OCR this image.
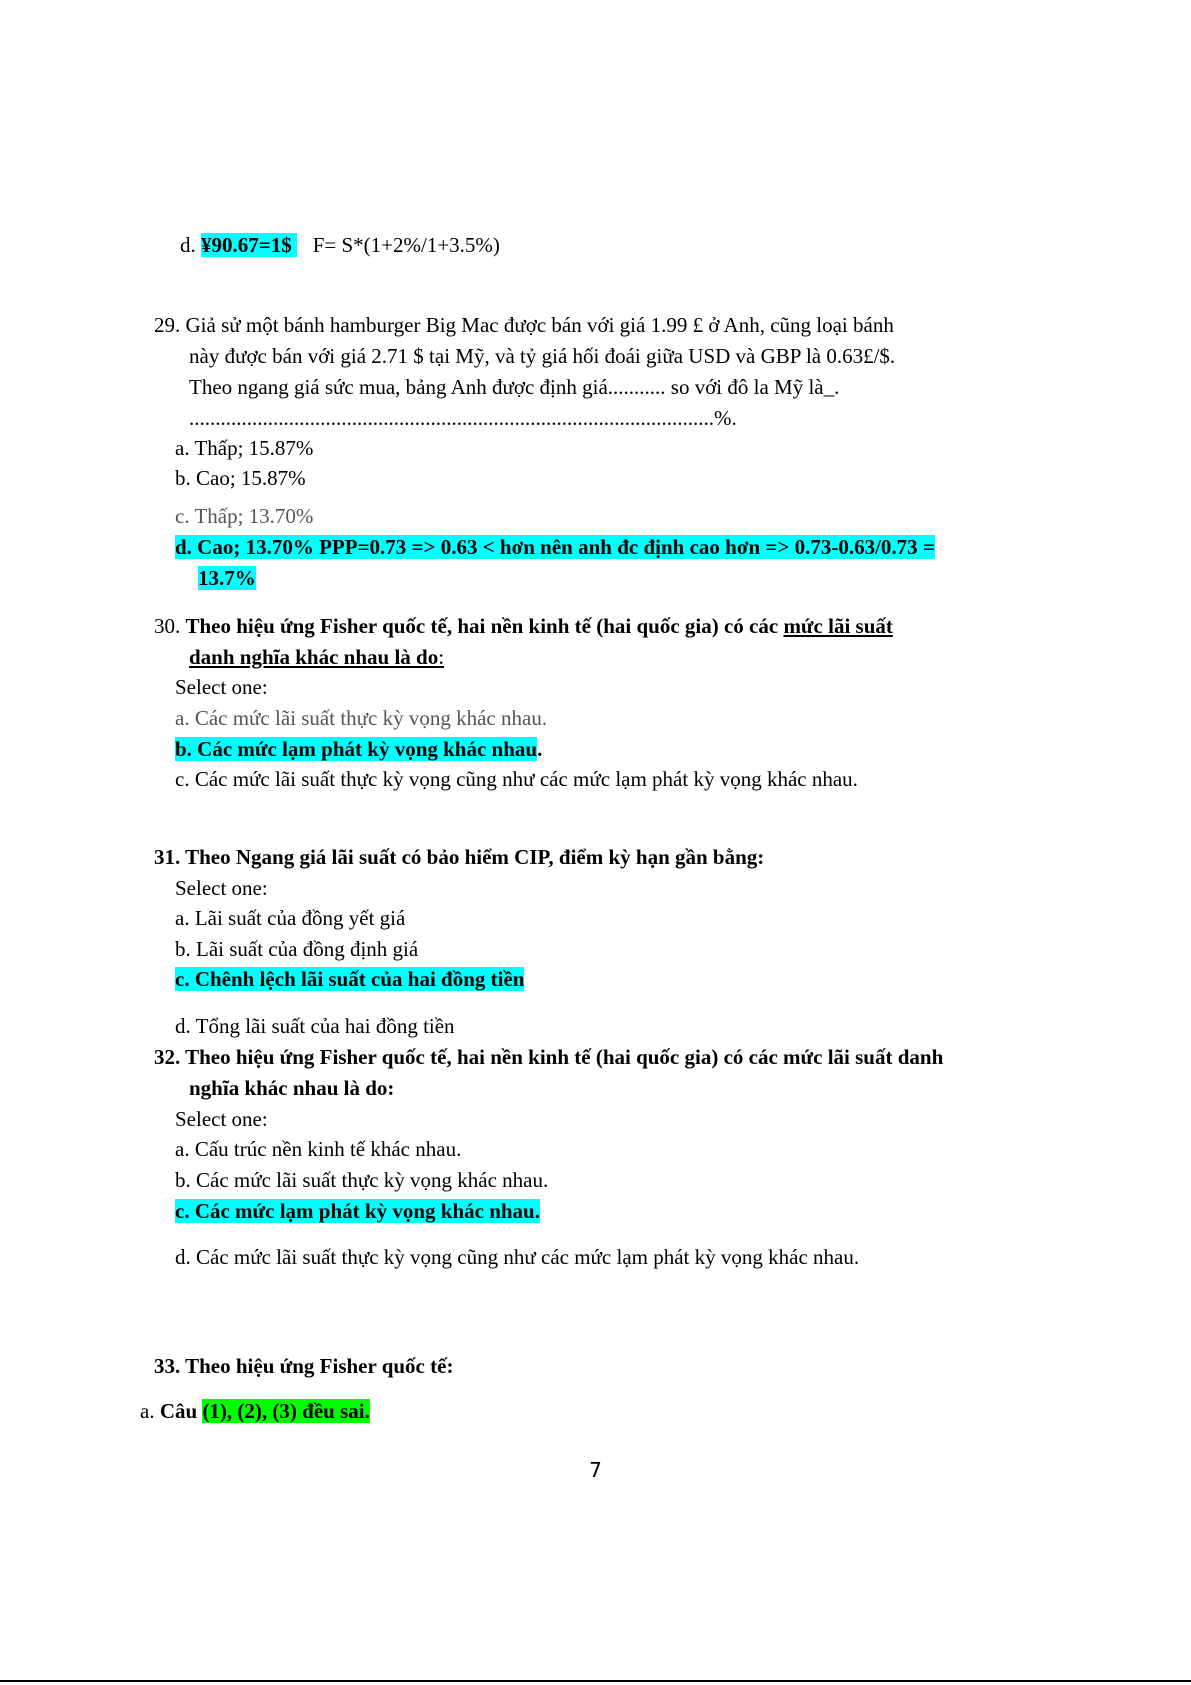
d. ¥90.67=1$    F= S*(1+2%/1+3.5%)
29. Giả sử một bánh hamburger Big Mac được bán với giá 1.99 £ ở Anh, cũng loại bánh
này được bán với giá 2.71 $ tại Mỹ, và tỷ giá hối đoái giữa USD và GBP là 0.63£/$.
Theo ngang giá sức mua, bảng Anh được định giá........... so với đô la Mỹ là_.
....................................................................................................%.
a. Thấp; 15.87%
b. Cao; 15.87%
c. Thấp; 13.70%
d. Cao; 13.70% PPP=0.73 => 0.63 < hơn nên anh đc định cao hơn => 0.73-0.63/0.73 =
13.7%
30. Theo hiệu ứng Fisher quốc tế, hai nền kinh tế (hai quốc gia) có các mức lãi suất
danh nghĩa khác nhau là do:
Select one:
a. Các mức lãi suất thực kỳ vọng khác nhau.
b. Các mức lạm phát kỳ vọng khác nhau.
c. Các mức lãi suất thực kỳ vọng cũng như các mức lạm phát kỳ vọng khác nhau.
31. Theo Ngang giá lãi suất có bảo hiểm CIP, điểm kỳ hạn gần bằng:
Select one:
a. Lãi suất của đồng yết giá
b. Lãi suất của đồng định giá
c. Chênh lệch lãi suất của hai đồng tiền
d. Tổng lãi suất của hai đồng tiền
32. Theo hiệu ứng Fisher quốc tế, hai nền kinh tế (hai quốc gia) có các mức lãi suất danh
nghĩa khác nhau là do:
Select one:
a. Cấu trúc nền kinh tế khác nhau.
b. Các mức lãi suất thực kỳ vọng khác nhau.
c. Các mức lạm phát kỳ vọng khác nhau.
d. Các mức lãi suất thực kỳ vọng cũng như các mức lạm phát kỳ vọng khác nhau.
33. Theo hiệu ứng Fisher quốc tế:
a. Câu (1), (2), (3) đều sai.
7
